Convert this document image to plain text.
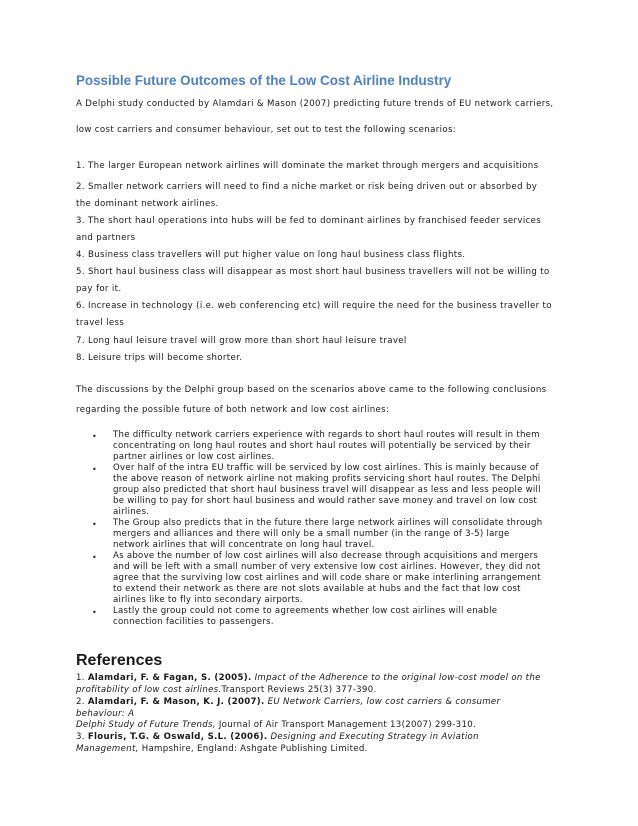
Possible Future Outcomes of the Low Cost Airline Industry
A Delphi study conducted by Alamdari & Mason (2007) predicting future trends of EU network carriers,
low cost carriers and consumer behaviour, set out to test the following scenarios:
1. The larger European network airlines will dominate the market through mergers and acquisitions
2. Smaller network carriers will need to find a niche market or risk being driven out or absorbed by
the dominant network airlines.
3. The short haul operations into hubs will be fed to dominant airlines by franchised feeder services
and partners
4. Business class travellers will put higher value on long haul business class flights.
5. Short haul business class will disappear as most short haul business travellers will not be willing to
pay for it.
6. Increase in technology (i.e. web conferencing etc) will require the need for the business traveller to
travel less
7. Long haul leisure travel will grow more than short haul leisure travel
8. Leisure trips will become shorter.
The discussions by the Delphi group based on the scenarios above came to the following conclusions
regarding the possible future of both network and low cost airlines:
• The difficulty network carriers experience with regards to short haul routes will result in them
concentrating on long haul routes and short haul routes will potentially be serviced by their
partner airlines or low cost airlines.
• Over half of the intra EU traffic will be serviced by low cost airlines. This is mainly because of
the above reason of network airline not making profits servicing short haul routes. The Delphi
group also predicted that short haul business travel will disappear as less and less people will
be willing to pay for short haul business and would rather save money and travel on low cost
airlines.
• The Group also predicts that in the future there large network airlines will consolidate through
mergers and alliances and there will only be a small number (in the range of 3-5) large
network airlines that will concentrate on long haul travel.
• As above the number of low cost airlines will also decrease through acquisitions and mergers
and will be left with a small number of very extensive low cost airlines. However, they did not
agree that the surviving low cost airlines and will code share or make interlining arrangement
to extend their network as there are not slots available at hubs and the fact that low cost
airlines like to fly into secondary airports.
• Lastly the group could not come to agreements whether low cost airlines will enable
connection facilities to passengers.
References
1. Alamdari, F. & Fagan, S. (2005). Impact of the Adherence to the original low-cost model on the
profitability of low cost airlines.Transport Reviews 25(3) 377-390.
2. Alamdari, F. & Mason, K. J. (2007). EU Network Carriers, low cost carriers & consumer
behaviour: A
Delphi Study of Future Trends, Journal of Air Transport Management 13(2007) 299-310.
3. Flouris, T.G. & Oswald, S.L. (2006). Designing and Executing Strategy in Aviation
Management, Hampshire, England: Ashgate Publishing Limited.
